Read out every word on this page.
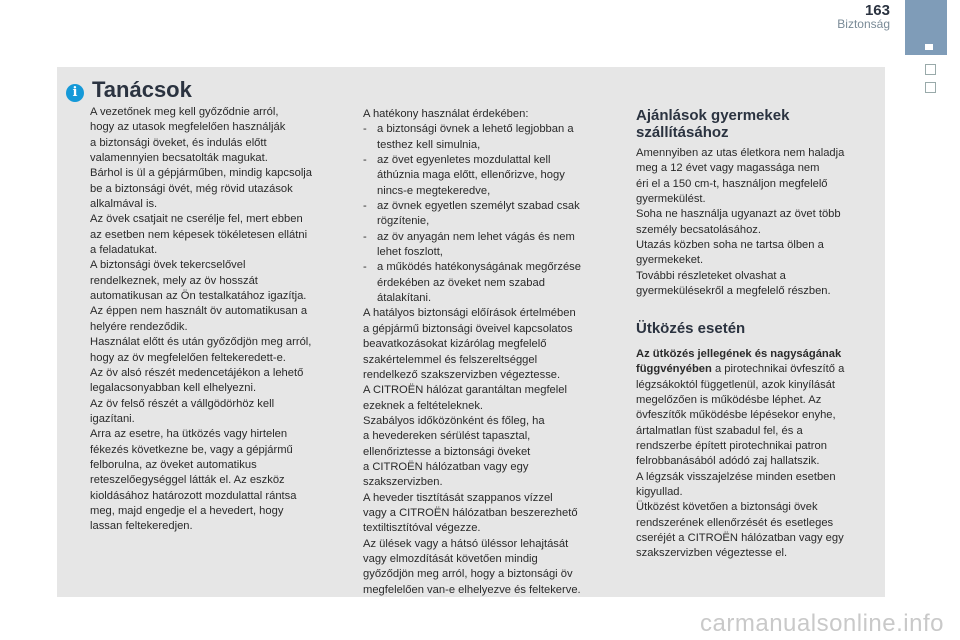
163
Biztonság
i Tanácsok

A vezetőnek meg kell győződnie arról,

hogy az utasok megfelelően használják

a biztonsági öveket, és indulás előtt

valamennyien becsatolták magukat.

Bárhol is ül a gépjárműben, mindig kapcsolja

be a biztonsági övét, még rövid utazások

alkalmával is.

Az övek csatjait ne cserélje fel, mert ebben

az esetben nem képesek tökéletesen ellátni

a feladatukat.

A biztonsági övek tekercselővel

rendelkeznek, mely az öv hosszát

automatikusan az Ön testalkatához igazítja.

Az éppen nem használt öv automatikusan a

helyére rendeződik.

Használat előtt és után győződjön meg arról,

hogy az öv megfelelően feltekeredett-e.

Az öv alsó részét medencetájékon a lehető

legalacsonyabban kell elhelyezni.

Az öv felső részét a vállgödörhöz kell

igazítani.

Arra az esetre, ha ütközés vagy hirtelen

fékezés következne be, vagy a gépjármű

felborulna, az öveket automatikus

reteszelőegységgel látták el. Az eszköz

kioldásához határozott mozdulattal rántsa

meg, majd engedje el a hevedert, hogy

lassan feltekeredjen.

A hatékony használat érdekében:

- a biztonsági övnek a lehető legjobban a
testhez kell simulnia,
- az övet egyenletes mozdulattal kell
áthúznia maga előtt, ellenőrizve, hogy
nincs-e megtekeredve,
- az övnek egyetlen személyt szabad csak
rögzítenie,
- az öv anyagán nem lehet vágás és nem
lehet foszlott,
- a működés hatékonyságának megőrzése
érdekében az öveket nem szabad
átalakítani.

A hatályos biztonsági előírások értelmében

a gépjármű biztonsági öveivel kapcsolatos

beavatkozásokat kizárólag megfelelő

szakértelemmel és felszereltséggel

rendelkező szakszervizben végeztesse.

A CITROËN hálózat garantáltan megfelel

ezeknek a feltételeknek.

Szabályos időközönként és főleg, ha

a hevedereken sérülést tapasztal,

ellenőriztesse a biztonsági öveket

a CITROËN hálózatban vagy egy

szakszervizben.

A heveder tisztítását szappanos vízzel

vagy a CITROËN hálózatban beszerezhető

textiltisztítóval végezze.

Az ülések vagy a hátsó üléssor lehajtását

vagy elmozdítását követően mindig

győződjön meg arról, hogy a biztonsági öv

megfelelően van-e elhelyezve és feltekerve.

Ajánlások gyermekek
szállításához

Amennyiben az utas életkora nem haladja

meg a 12 évet vagy magassága nem

éri el a 150 cm-t, használjon megfelelő

gyermekülést.

Soha ne használja ugyanazt az övet több

személy becsatolásához.

Utazás közben soha ne tartsa ölben a

gyermekeket.

További részleteket olvashat a

gyermekülésekről a megfelelő részben.

Ütközés esetén

Az ütközés jellegének és nagyságának

függvényében a pirotechnikai övfeszítő a

légzsákoktól függetlenül, azok kinyílását

megelőzően is működésbe léphet. Az

övfeszítők működésbe lépésekor enyhe,

ártalmatlan füst szabadul fel, és a

rendszerbe épített pirotechnikai patron

felrobbanásából adódó zaj hallatszik.

A légzsák visszajelzése minden esetben

kigyullad.

Ütközést követően a biztonsági övek

rendszerének ellenőrzését és esetleges

cseréjét a CITROËN hálózatban vagy egy

szakszervizben végeztesse el.

carmanualsonline.info
